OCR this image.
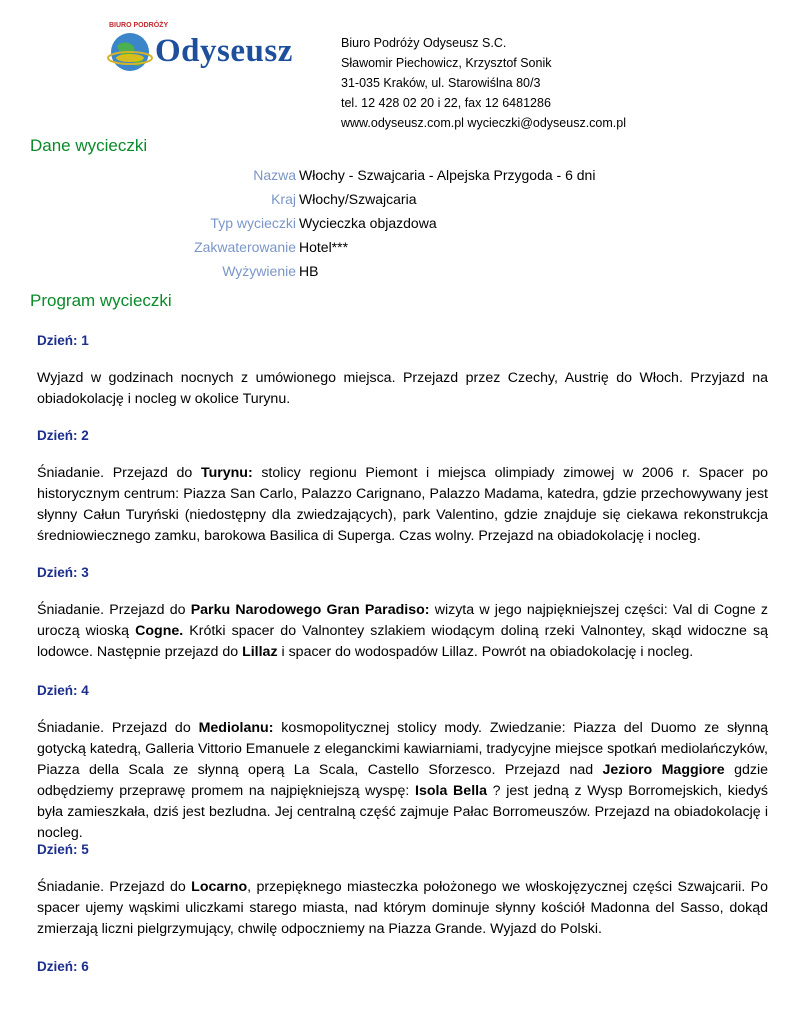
BIURO PODRÓŻY
Odyseusz	Biuro Podróży Odyseusz S.C.
Sławomir Piechowicz, Krzysztof Sonik
31-035 Kraków, ul. Starowiślna 80/3
tel. 12 428 02 20 i 22, fax 12 6481286
www.odyseusz.com.pl wycieczki@odyseusz.com.pl
Dane wycieczki
Nazwa Włochy - Szwajcaria - Alpejska Przygoda - 6 dni
Kraj Włochy/Szwajcaria
Typ wycieczki Wycieczka objazdowa
Zakwaterowanie Hotel***
Wyżywienie HB
Program wycieczki
Dzień: 1
Wyjazd w godzinach nocnych z umówionego miejsca. Przejazd przez Czechy, Austrię do Włoch. Przyjazd na obiadokolację i nocleg w okolice Turynu.
Dzień: 2
Śniadanie. Przejazd do Turynu: stolicy regionu Piemont i miejsca olimpiady zimowej w 2006 r. Spacer po historycznym centrum: Piazza San Carlo, Palazzo Carignano, Palazzo Madama, katedra, gdzie przechowywany jest słynny Całun Turyński (niedostępny dla zwiedzających), park Valentino, gdzie znajduje się ciekawa rekonstrukcja średniowiecznego zamku, barokowa Basilica di Superga. Czas wolny. Przejazd na obiadokolację i nocleg.
Dzień: 3
Śniadanie. Przejazd do Parku Narodowego Gran Paradiso: wizyta w jego najpiękniejszej części: Val di Cogne z uroczą wioską Cogne. Krótki spacer do Valnontey szlakiem wiodącym doliną rzeki Valnontey, skąd widoczne są lodowce. Następnie przejazd do Lillaz i spacer do wodospadów Lillaz. Powrót na obiadokolację i nocleg.
Dzień: 4
Śniadanie. Przejazd do Mediolanu: kosmopolitycznej stolicy mody. Zwiedzanie: Piazza del Duomo ze słynną gotycką katedrą, Galleria Vittorio Emanuele z eleganckimi kawiarniami, tradycyjne miejsce spotkań mediolańczyków, Piazza della Scala ze słynną operą La Scala, Castello Sforzesco. Przejazd nad Jezioro Maggiore gdzie odbędziemy przeprawę promem na najpiękniejszą wyspę: Isola Bella ? jest jedną z Wysp Borromejskich, kiedyś była zamieszkała, dziś jest bezludna. Jej centralną część zajmuje Pałac Borromeuszów. Przejazd na obiadokolację i nocleg.
Dzień: 5
Śniadanie. Przejazd do Locarno, przepięknego miasteczka położonego we włoskojęzycznej części Szwajcarii. Po spacer ujemy wąskimi uliczkami starego miasta, nad którym dominuje słynny kościół Madonna del Sasso, dokąd zmierzają liczni pielgrzymujący, chwilę odpoczniemy na Piazza Grande. Wyjazd do Polski.
Dzień: 6
